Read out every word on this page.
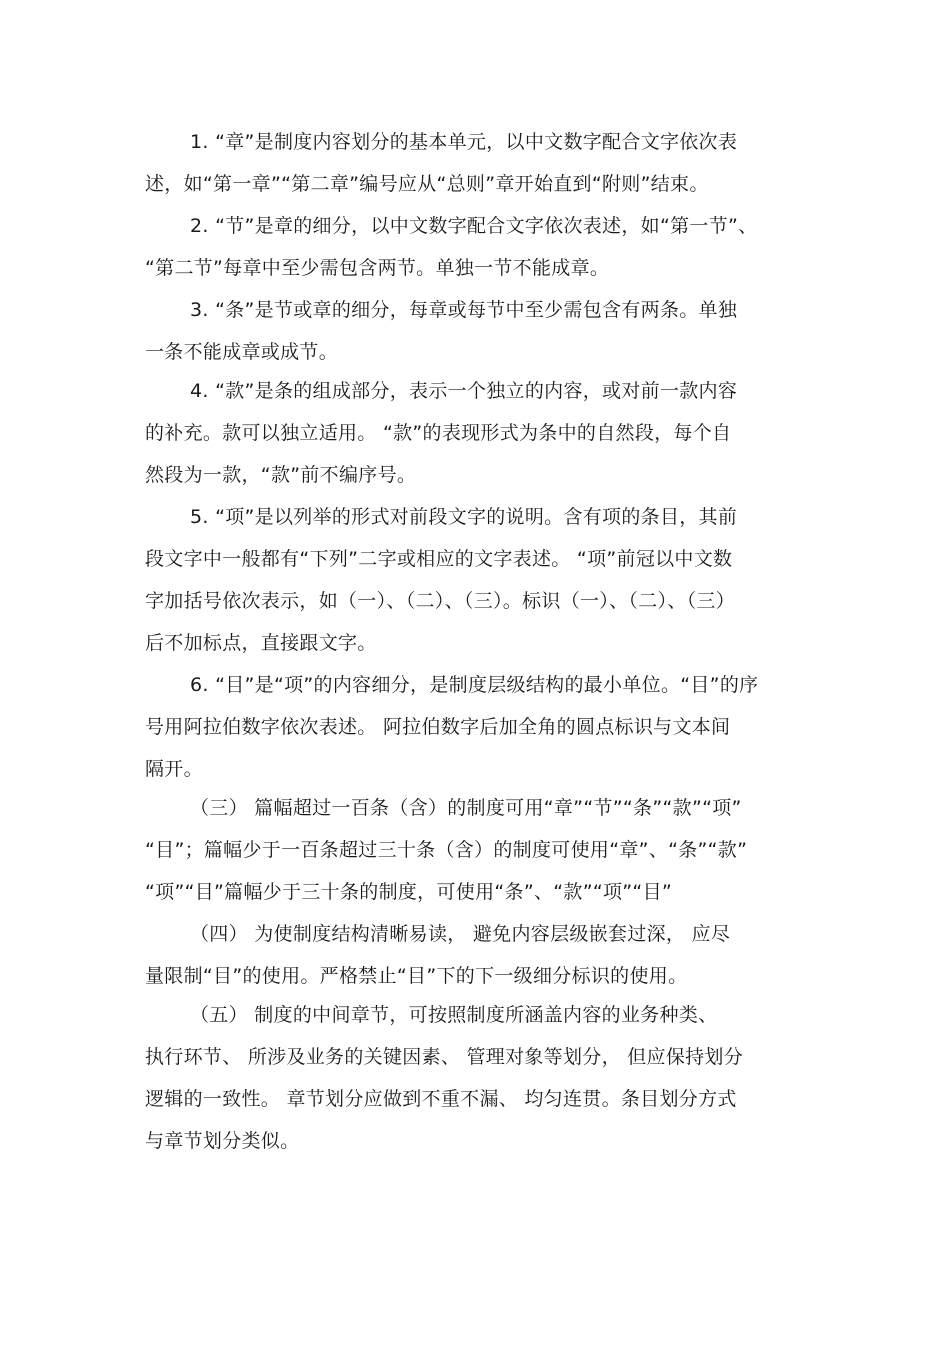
1. “章”是制度内容划分的基本单元，以中文数字配合文字依次表
述，如“第一章”“第二章”编号应从“总则”章开始直到“附则”结束。
2. “节”是章的细分，以中文数字配合文字依次表述，如“第一节”、
“第二节”每章中至少需包含两节。单独一节不能成章。
3. “条”是节或章的细分，每章或每节中至少需包含有两条。单独
一条不能成章或成节。
4. “款”是条的组成部分，表示一个独立的内容，或对前一款内容
的补充。款可以独立适用。 “款”的表现形式为条中的自然段，每个自
然段为一款，“款”前不编序号。
5. “项”是以列举的形式对前段文字的说明。含有项的条目，其前
段文字中一般都有“下列”二字或相应的文字表述。 “项”前冠以中文数
字加括号依次表示，如（一）、（二）、（三）。标识（一）、（二）、（三）
后不加标点，直接跟文字。
6. “目”是“项”的内容细分，是制度层级结构的最小单位。“目”的序
号用阿拉伯数字依次表述。 阿拉伯数字后加全角的圆点标识与文本间
隔开。
（三） 篇幅超过一百条（含）的制度可用“章”“节”“条”“款”“项”
“目”；篇幅少于一百条超过三十条（含）的制度可使用“章”、“条”“款”
“项”“目”篇幅少于三十条的制度，可使用“条”、“款”“项”“目”
（四） 为使制度结构清晰易读， 避免内容层级嵌套过深， 应尽
量限制“目”的使用。严格禁止“目”下的下一级细分标识的使用。
（五） 制度的中间章节，可按照制度所涵盖内容的业务种类、
执行环节、 所涉及业务的关键因素、 管理对象等划分， 但应保持划分
逻辑的一致性。 章节划分应做到不重不漏、 均匀连贯。条目划分方式
与章节划分类似。
